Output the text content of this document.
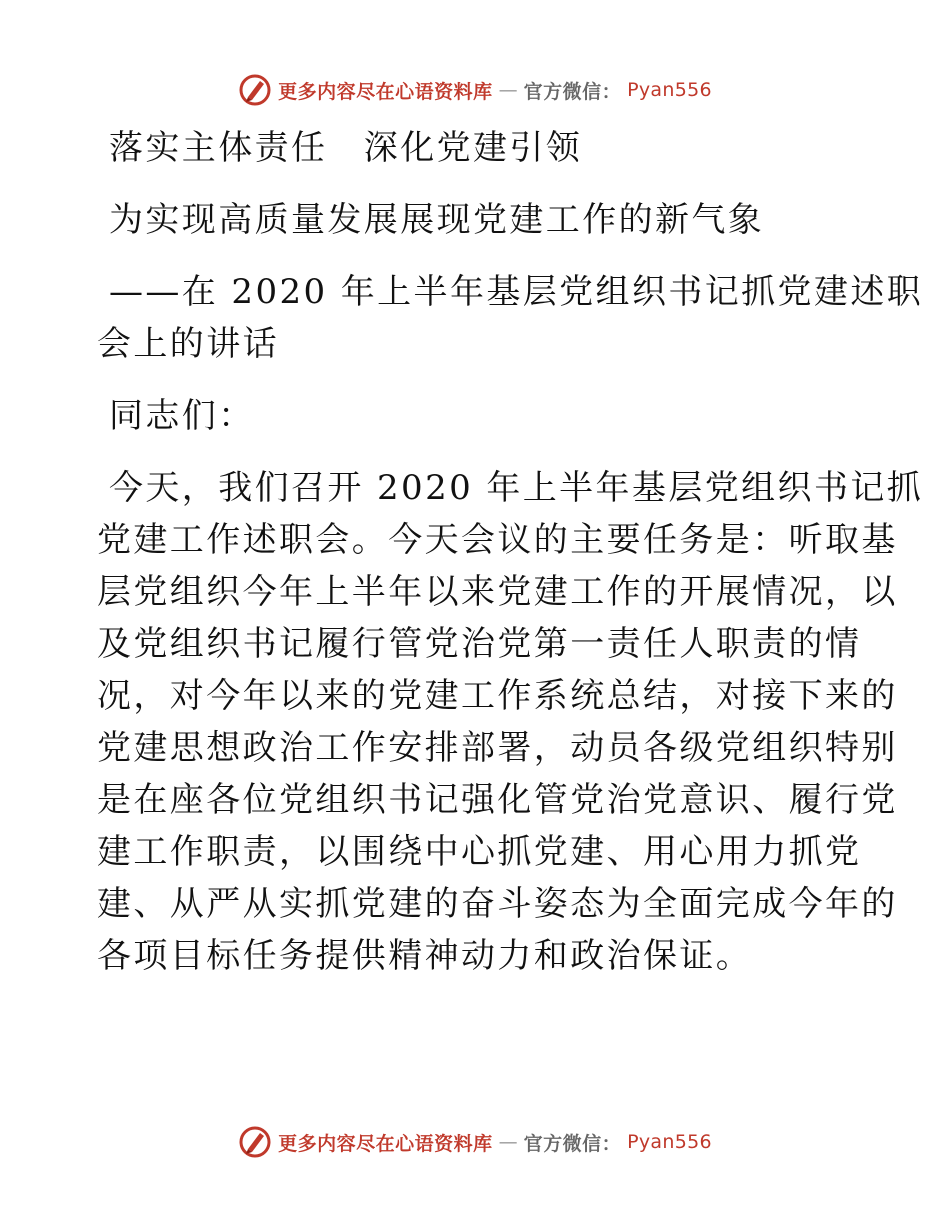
更多内容尽在心语资料库 — 官方微信： Pyan556

落实主体责任　深化党建引领

为实现高质量发展展现党建工作的新气象

——在 2020 年上半年基层党组织书记抓党建述职

会上的讲话

同志们：

今天，我们召开 2020 年上半年基层党组织书记抓

党建工作述职会。今天会议的主要任务是：听取基

层党组织今年上半年以来党建工作的开展情况，以

及党组织书记履行管党治党第一责任人职责的情

况，对今年以来的党建工作系统总结，对接下来的

党建思想政治工作安排部署，动员各级党组织特别

是在座各位党组织书记强化管党治党意识、履行党

建工作职责，以围绕中心抓党建、用心用力抓党

建、从严从实抓党建的奋斗姿态为全面完成今年的

各项目标任务提供精神动力和政治保证。

更多内容尽在心语资料库 — 官方微信： Pyan556
